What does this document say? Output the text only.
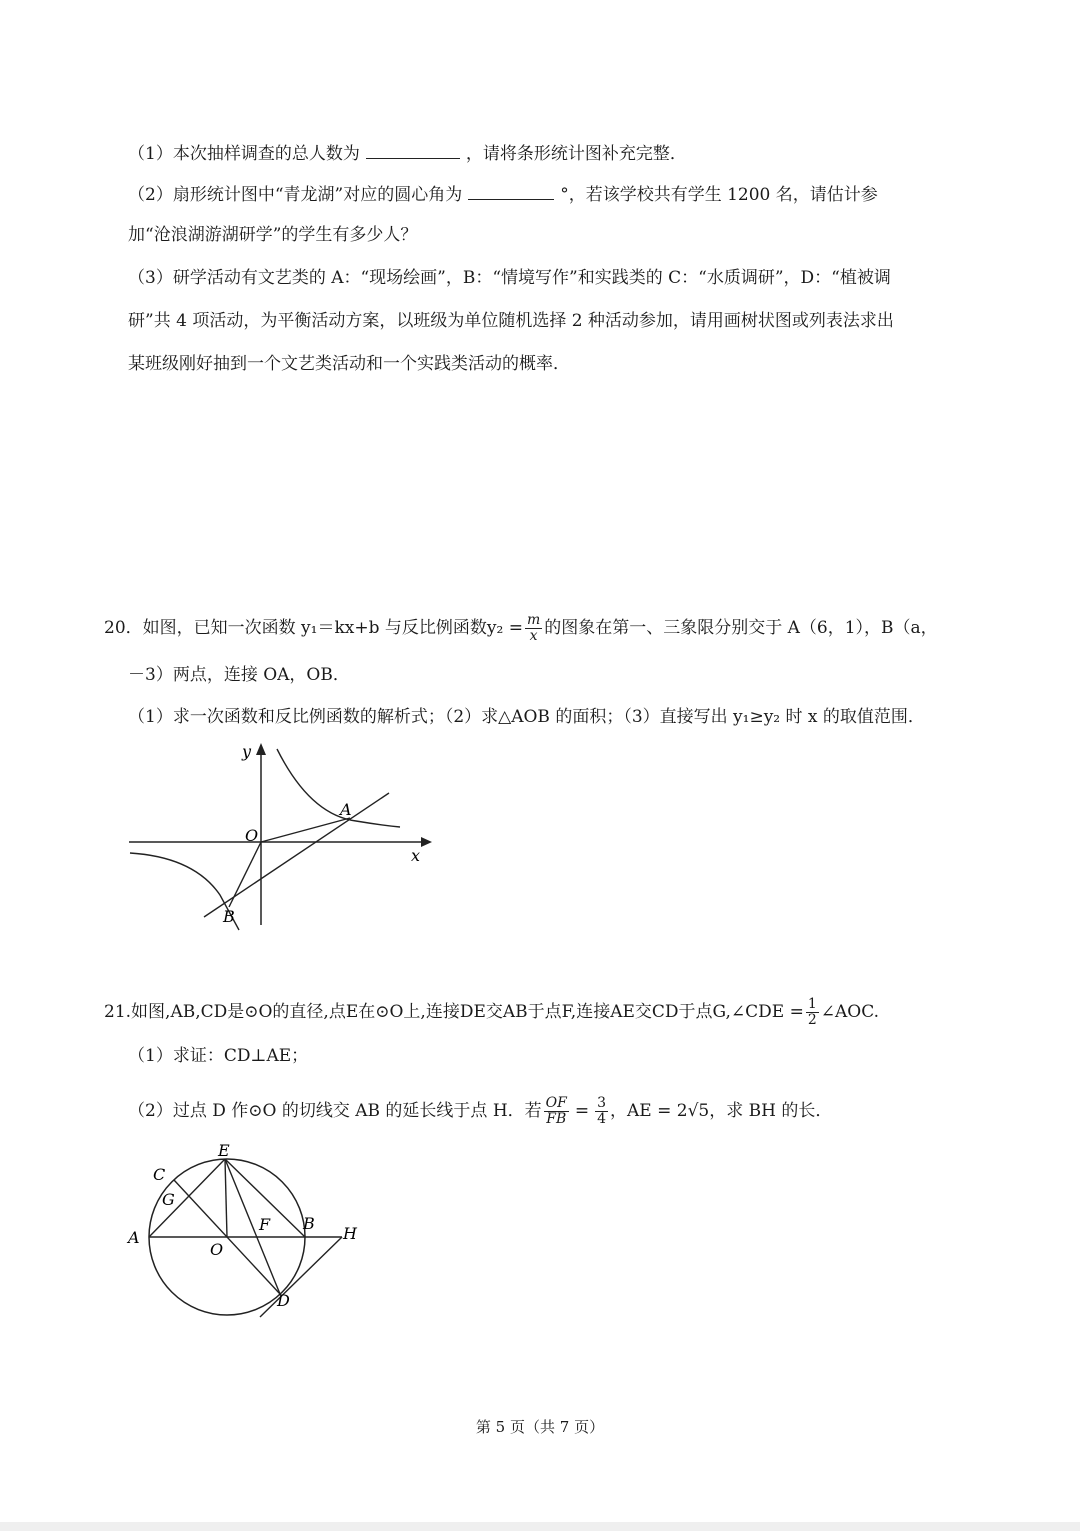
（1）本次抽样调查的总人数为	，请将条形统计图补充完整．
（2）扇形统计图中“青龙湖”对应的圆心角为	°，若该学校共有学生 1200 名，请估计参
加“沧浪湖游湖研学”的学生有多少人？
（3）研学活动有文艺类的 A：“现场绘画”，B：“情境写作”和实践类的 C：“水质调研”，D：“植被调
研”共 4 项活动，为平衡活动方案，以班级为单位随机选择 2 种活动参加，请用画树状图或列表法求出
某班级刚好抽到一个文艺类活动和一个实践类活动的概率．
20．如图，已知一次函数 y₁＝kx+b 与反比例函数$y_2 = \frac{m}{x}$ 的图象在第一、三象限分别交于 A（6，1），B（a，
－3）两点，连接 OA，OB．
（1）求一次函数和反比例函数的解析式；（2）求△AOB 的面积；（3）直接写出 y₁≥y₂ 时 x 的取值范围．
y
x
O
A
B
21.如图,AB,CD是⊙O的直径,点E在⊙O上,连接DE交AB于点F,连接AE交CD于点G,∠CDE = $\frac{1}{2}$ ∠AOC.
（1）求证：CD⊥AE；
（2）过点 D 作⊙O 的切线交 AB 的延长线于点 H．若 $\frac{OF}{FB} = \frac{3}{4}$ ，AE = 2√5，求 BH 的长．
E
C
G
A
O
F B
H
D
第 5 页（共 7 页）
